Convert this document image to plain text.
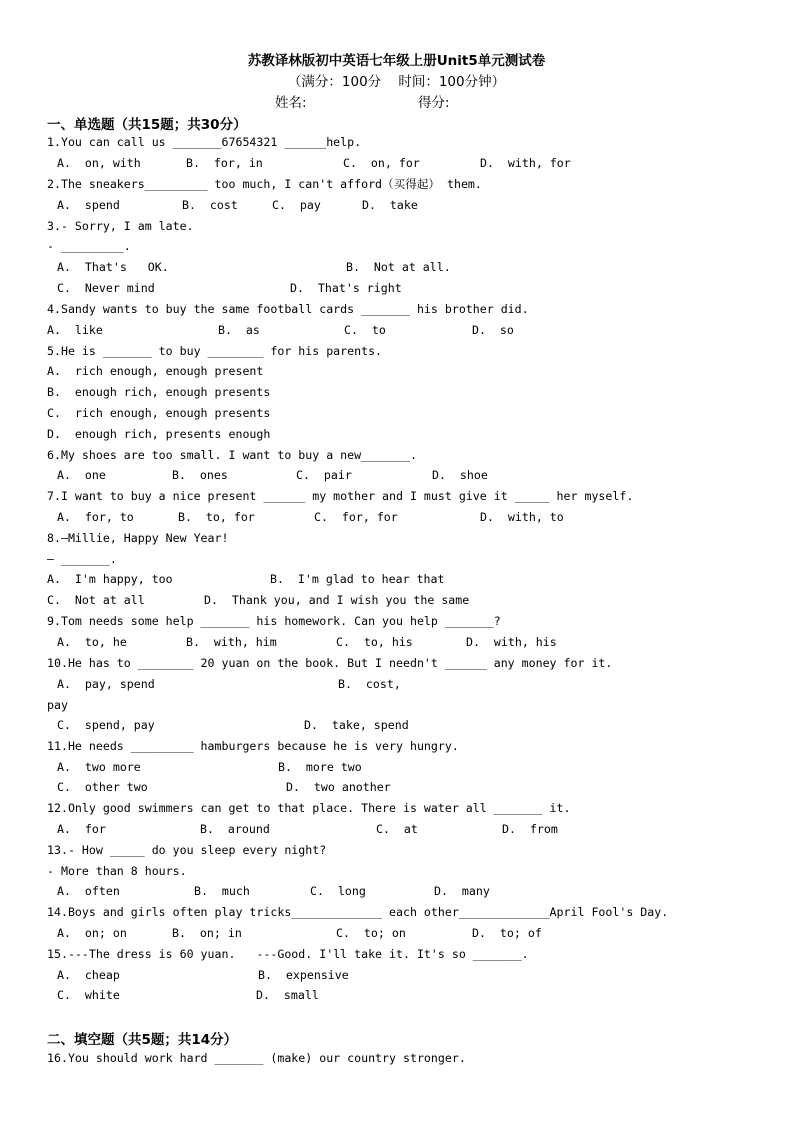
苏教译林版初中英语七年级上册Unit5单元测试卷
（满分：100分    时间：100分钟）
姓名:	得分:
一、单选题（共15题；共30分）
1.You can call us _______67654321 ______help.
A.  on, with	B.  for, in	C.  on, for	D.  with, for
2.The sneakers_________ too much, I can't afford（买得起） them.
A.  spend	B.  cost	C.  pay	D.  take
3.- Sorry, I am late.
- _________.
A.  That's   OK.	B.  Not at all.
C.  Never mind	D.  That's right
4.Sandy wants to buy the same football cards _______ his brother did.
A.  like	B.  as	C.  to	D.  so
5.He is _______ to buy ________ for his parents.
A.  rich enough, enough present
B.  enough rich, enough presents
C.  rich enough, enough presents
D.  enough rich, presents enough
6.My shoes are too small. I want to buy a new_______.
A.  one	B.  ones	C.  pair	D.  shoe
7.I want to buy a nice present ______ my mother and I must give it _____ her myself.
A.  for, to	B.  to, for	C.  for, for	D.  with, to
8.—Millie, Happy New Year!
— _______.
A.  I'm happy, too	B.  I'm glad to hear that
C.  Not at all	D.  Thank you, and I wish you the same
9.Tom needs some help _______ his homework. Can you help _______?
A.  to, he	B.  with, him	C.  to, his	D.  with, his
10.He has to ________ 20 yuan on the book. But I needn't ______ any money for it.
A.  pay, spend	B.  cost,
pay
C.  spend, pay	D.  take, spend
11.He needs _________ hamburgers because he is very hungry.
A.  two more	B.  more two
C.  other two	D.  two another
12.Only good swimmers can get to that place. There is water all _______ it.
A.  for	B.  around	C.  at	D.  from
13.- How _____ do you sleep every night?
- More than 8 hours.
A.  often	B.  much	C.  long	D.  many
14.Boys and girls often play tricks_____________ each other_____________April Fool's Day.
A.  on; on	B.  on; in	C.  to; on	D.  to; of
15.---The dress is 60 yuan.   ---Good. I'll take it. It's so _______.
A.  cheap	B.  expensive
C.  white	D.  small
二、填空题（共5题；共14分）
16.You should work hard _______ (make) our country stronger.
